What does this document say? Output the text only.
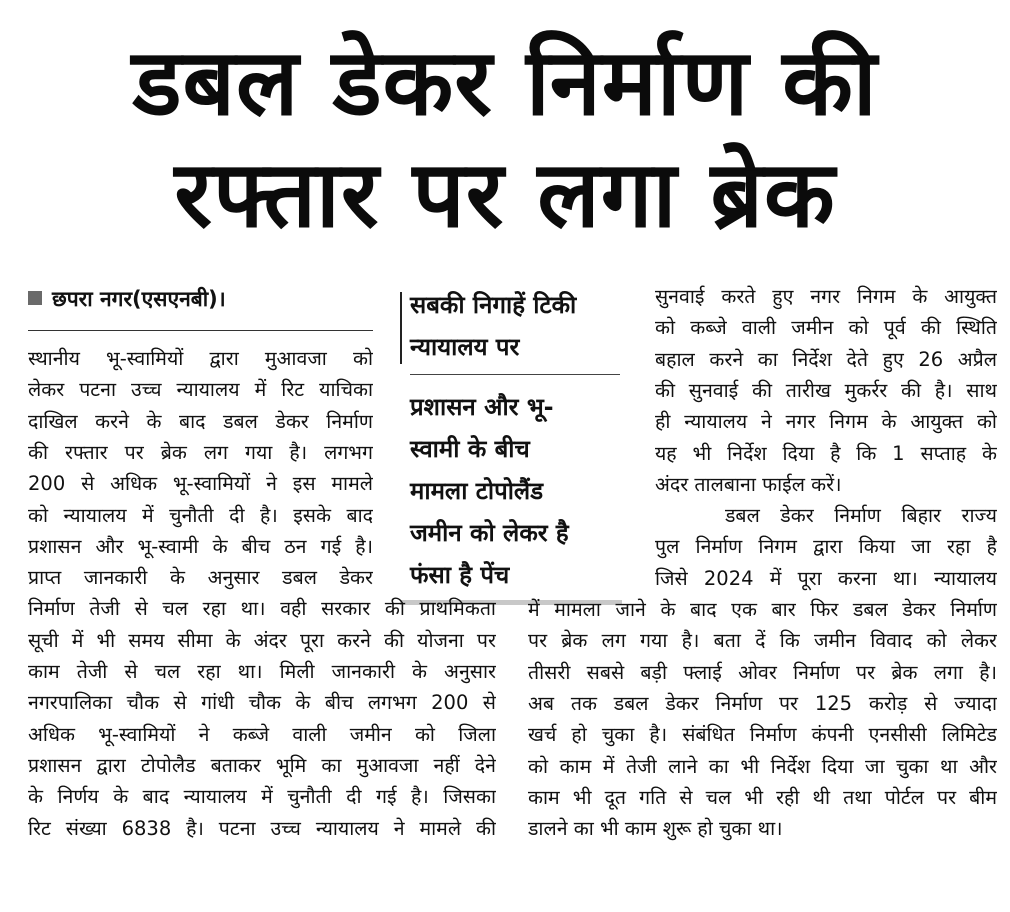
डबल डेकर निर्माण की
रफ्तार पर लगा ब्रेक
छपरा नगर(एसएनबी)।	सबकी निगाहें टिकी
न्यायालय पर
प्रशासन और भू-
स्वामी के बीच
मामला टोपोलैंड
जमीन को लेकर है
फंसा है पेंच
स्थानीय भू-स्वामियों द्वारा मुआवजा को
लेकर पटना उच्च न्यायालय में रिट याचिका
दाखिल करने के बाद डबल डेकर निर्माण
की रफ्तार पर ब्रेक लग गया है। लगभग
200 से अधिक भू-स्वामियों ने इस मामले
को न्यायालय में चुनौती दी है। इसके बाद
प्रशासन और भू-स्वामी के बीच ठन गई है।
प्राप्त जानकारी के अनुसार डबल डेकर
निर्माण तेजी से चल रहा था। वही सरकार की प्राथमिकता
सूची में भी समय सीमा के अंदर पूरा करने की योजना पर
काम तेजी से चल रहा था। मिली जानकारी के अनुसार
नगरपालिका चौक से गांधी चौक के बीच लगभग 200 से
अधिक भू-स्वामियों ने कब्जे वाली जमीन को जिला
प्रशासन द्वारा टोपोलैड बताकर भूमि का मुआवजा नहीं देने
के निर्णय के बाद न्यायालय में चुनौती दी गई है। जिसका
रिट संख्या 6838 है। पटना उच्च न्यायालय ने मामले की
सुनवाई करते हुए नगर निगम के आयुक्त
को कब्जे वाली जमीन को पूर्व की स्थिति
बहाल करने का निर्देश देते हुए 26 अप्रैल
की सुनवाई की तारीख मुकर्रर की है। साथ
ही न्यायालय ने नगर निगम के आयुक्त को
यह भी निर्देश दिया है कि 1 सप्ताह के
अंदर तालबाना फाईल करें।
डबल डेकर निर्माण बिहार राज्य
पुल निर्माण निगम द्वारा किया जा रहा है
जिसे 2024 में पूरा करना था। न्यायालय
में मामला जाने के बाद एक बार फिर डबल डेकर निर्माण
पर ब्रेक लग गया है। बता दें कि जमीन विवाद को लेकर
तीसरी सबसे बड़ी फ्लाई ओवर निर्माण पर ब्रेक लगा है।
अब तक डबल डेकर निर्माण पर 125 करोड़ से ज्यादा
खर्च हो चुका है। संबंधित निर्माण कंपनी एनसीसी लिमिटेड
को काम में तेजी लाने का भी निर्देश दिया जा चुका था और
काम भी दूत गति से चल भी रही थी तथा पोर्टल पर बीम
डालने का भी काम शुरू हो चुका था।
